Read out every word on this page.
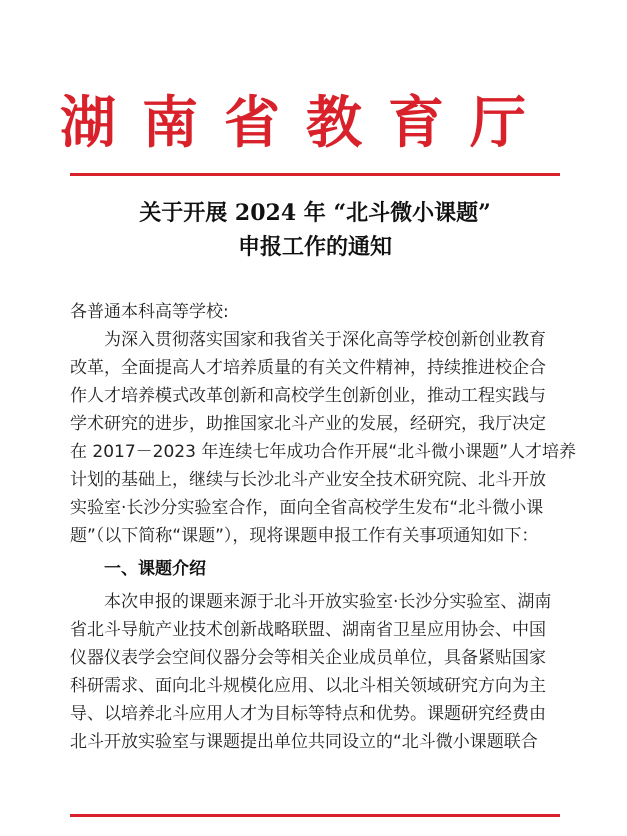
湖南省教育厅
关于开展 2024 年 “北斗微小课题”
申报工作的通知
各普通本科高等学校:
为深入贯彻落实国家和我省关于深化高等学校创新创业教育
改革，全面提高人才培养质量的有关文件精神，持续推进校企合
作人才培养模式改革创新和高校学生创新创业，推动工程实践与
学术研究的进步，助推国家北斗产业的发展，经研究，我厅决定
在 2017－2023 年连续七年成功合作开展“北斗微小课题”人才培养
计划的基础上，继续与长沙北斗产业安全技术研究院、北斗开放
实验室·长沙分实验室合作，面向全省高校学生发布“北斗微小课
题”（以下简称“课题”），现将课题申报工作有关事项通知如下：
一、课题介绍
本次申报的课题来源于北斗开放实验室·长沙分实验室、湖南
省北斗导航产业技术创新战略联盟、湖南省卫星应用协会、中国
仪器仪表学会空间仪器分会等相关企业成员单位，具备紧贴国家
科研需求、面向北斗规模化应用、以北斗相关领域研究方向为主
导、以培养北斗应用人才为目标等特点和优势。课题研究经费由
北斗开放实验室与课题提出单位共同设立的“北斗微小课题联合
